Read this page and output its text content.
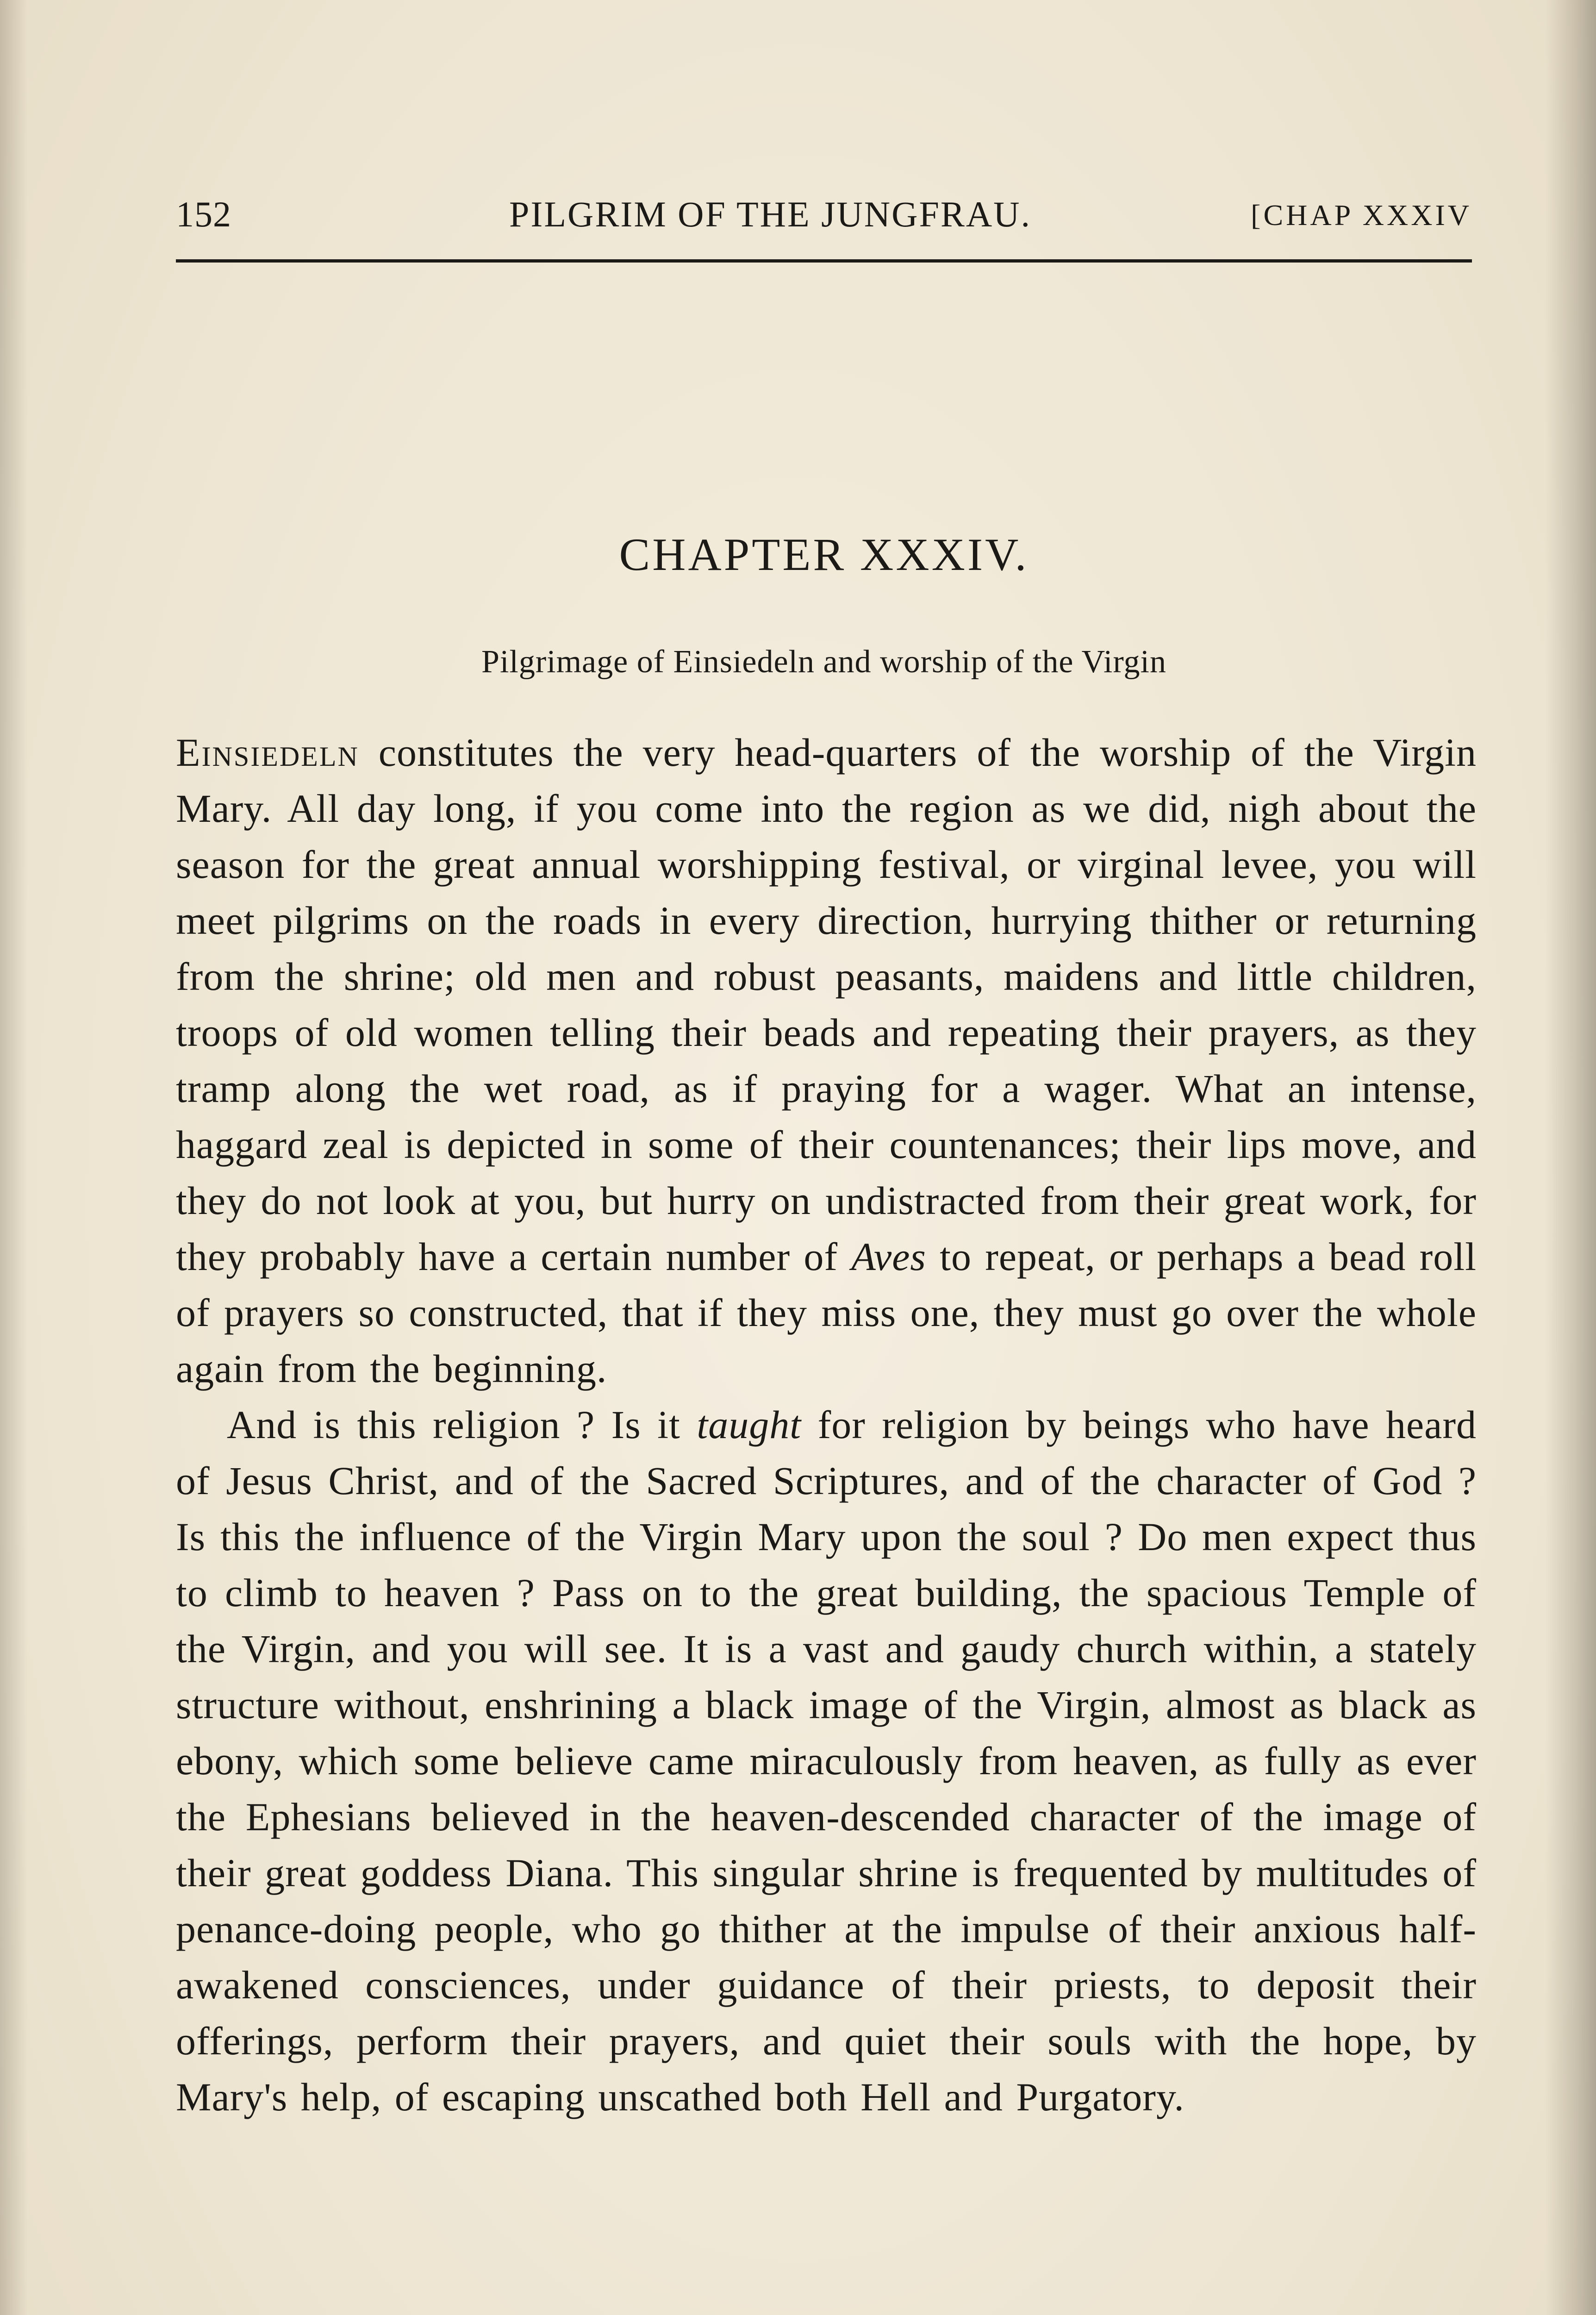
152	PILGRIM OF THE JUNGFRAU.	[CHAP XXXIV
CHAPTER XXXIV.
Pilgrimage of Einsiedeln and worship of the Virgin

Einsiedeln constitutes the very head-quarters of the worship of the Virgin Mary. All day long, if you come into the region as we did, nigh about the season for the great annual worshipping festival, or virginal levee, you will meet pilgrims on the roads in every direction, hurrying thither or returning from the shrine; old men and robust peasants, maidens and little children, troops of old women telling their beads and repeating their prayers, as they tramp along the wet road, as if praying for a wager. What an intense, haggard zeal is depicted in some of their countenances; their lips move, and they do not look at you, but hurry on undistracted from their great work, for they probably have a certain number of Aves to repeat, or perhaps a bead roll of prayers so constructed, that if they miss one, they must go over the whole again from the beginning.

And is this religion ? Is it taught for religion by beings who have heard of Jesus Christ, and of the Sacred Scriptures, and of the character of God ? Is this the influence of the Virgin Mary upon the soul ? Do men expect thus to climb to heaven ? Pass on to the great building, the spacious Temple of the Virgin, and you will see. It is a vast and gaudy church within, a stately structure without, enshrining a black image of the Virgin, almost as black as ebony, which some believe came miraculously from heaven, as fully as ever the Ephesians believed in the heaven-descended character of the image of their great goddess Diana. This singular shrine is frequented by multitudes of penance-doing people, who go thither at the impulse of their anxious half-awakened consciences, under guidance of their priests, to deposit their offerings, perform their prayers, and quiet their souls with the hope, by Mary's help, of escaping unscathed both Hell and Purgatory.
